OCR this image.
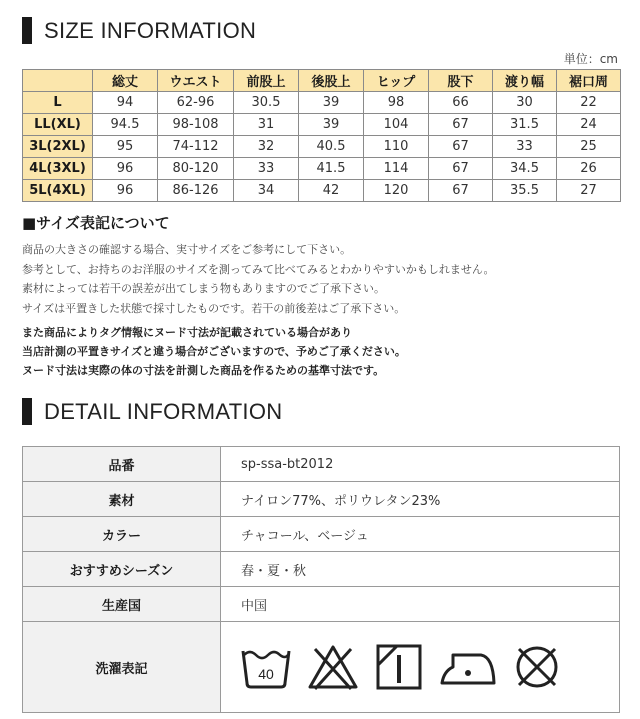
SIZE INFORMATION
単位：cm
	総丈	ウエスト	前股上	後股上	ヒップ	股下	渡り幅	裾口周
L	94	62-96	30.5	39	98	66	30	22
LL(XL)	94.5	98-108	31	39	104	67	31.5	24
3L(2XL)	95	74-112	32	40.5	110	67	33	25
4L(3XL)	96	80-120	33	41.5	114	67	34.5	26
5L(4XL)	96	86-126	34	42	120	67	35.5	27
■サイズ表記について
商品の大きさの確認する場合、実寸サイズをご参考にして下さい。
参考として、お持ちのお洋服のサイズを測ってみて比べてみるとわかりやすいかもしれません。
素材によっては若干の誤差が出てしまう物もありますのでご了承下さい。
サイズは平置きした状態で採寸したものです。若干の前後差はご了承下さい。
また商品によりタグ情報にヌード寸法が記載されている場合があり
当店計測の平置きサイズと違う場合がございますので、予めご了承ください。
ヌード寸法は実際の体の寸法を計測した商品を作るための基準寸法です。
DETAIL INFORMATION
品番	sp-ssa-bt2012
素材	ナイロン77%、ポリウレタン23%
カラー	チャコール、ベージュ
おすすめシーズン	春・夏・秋
生産国	中国
洗濯表記	40
